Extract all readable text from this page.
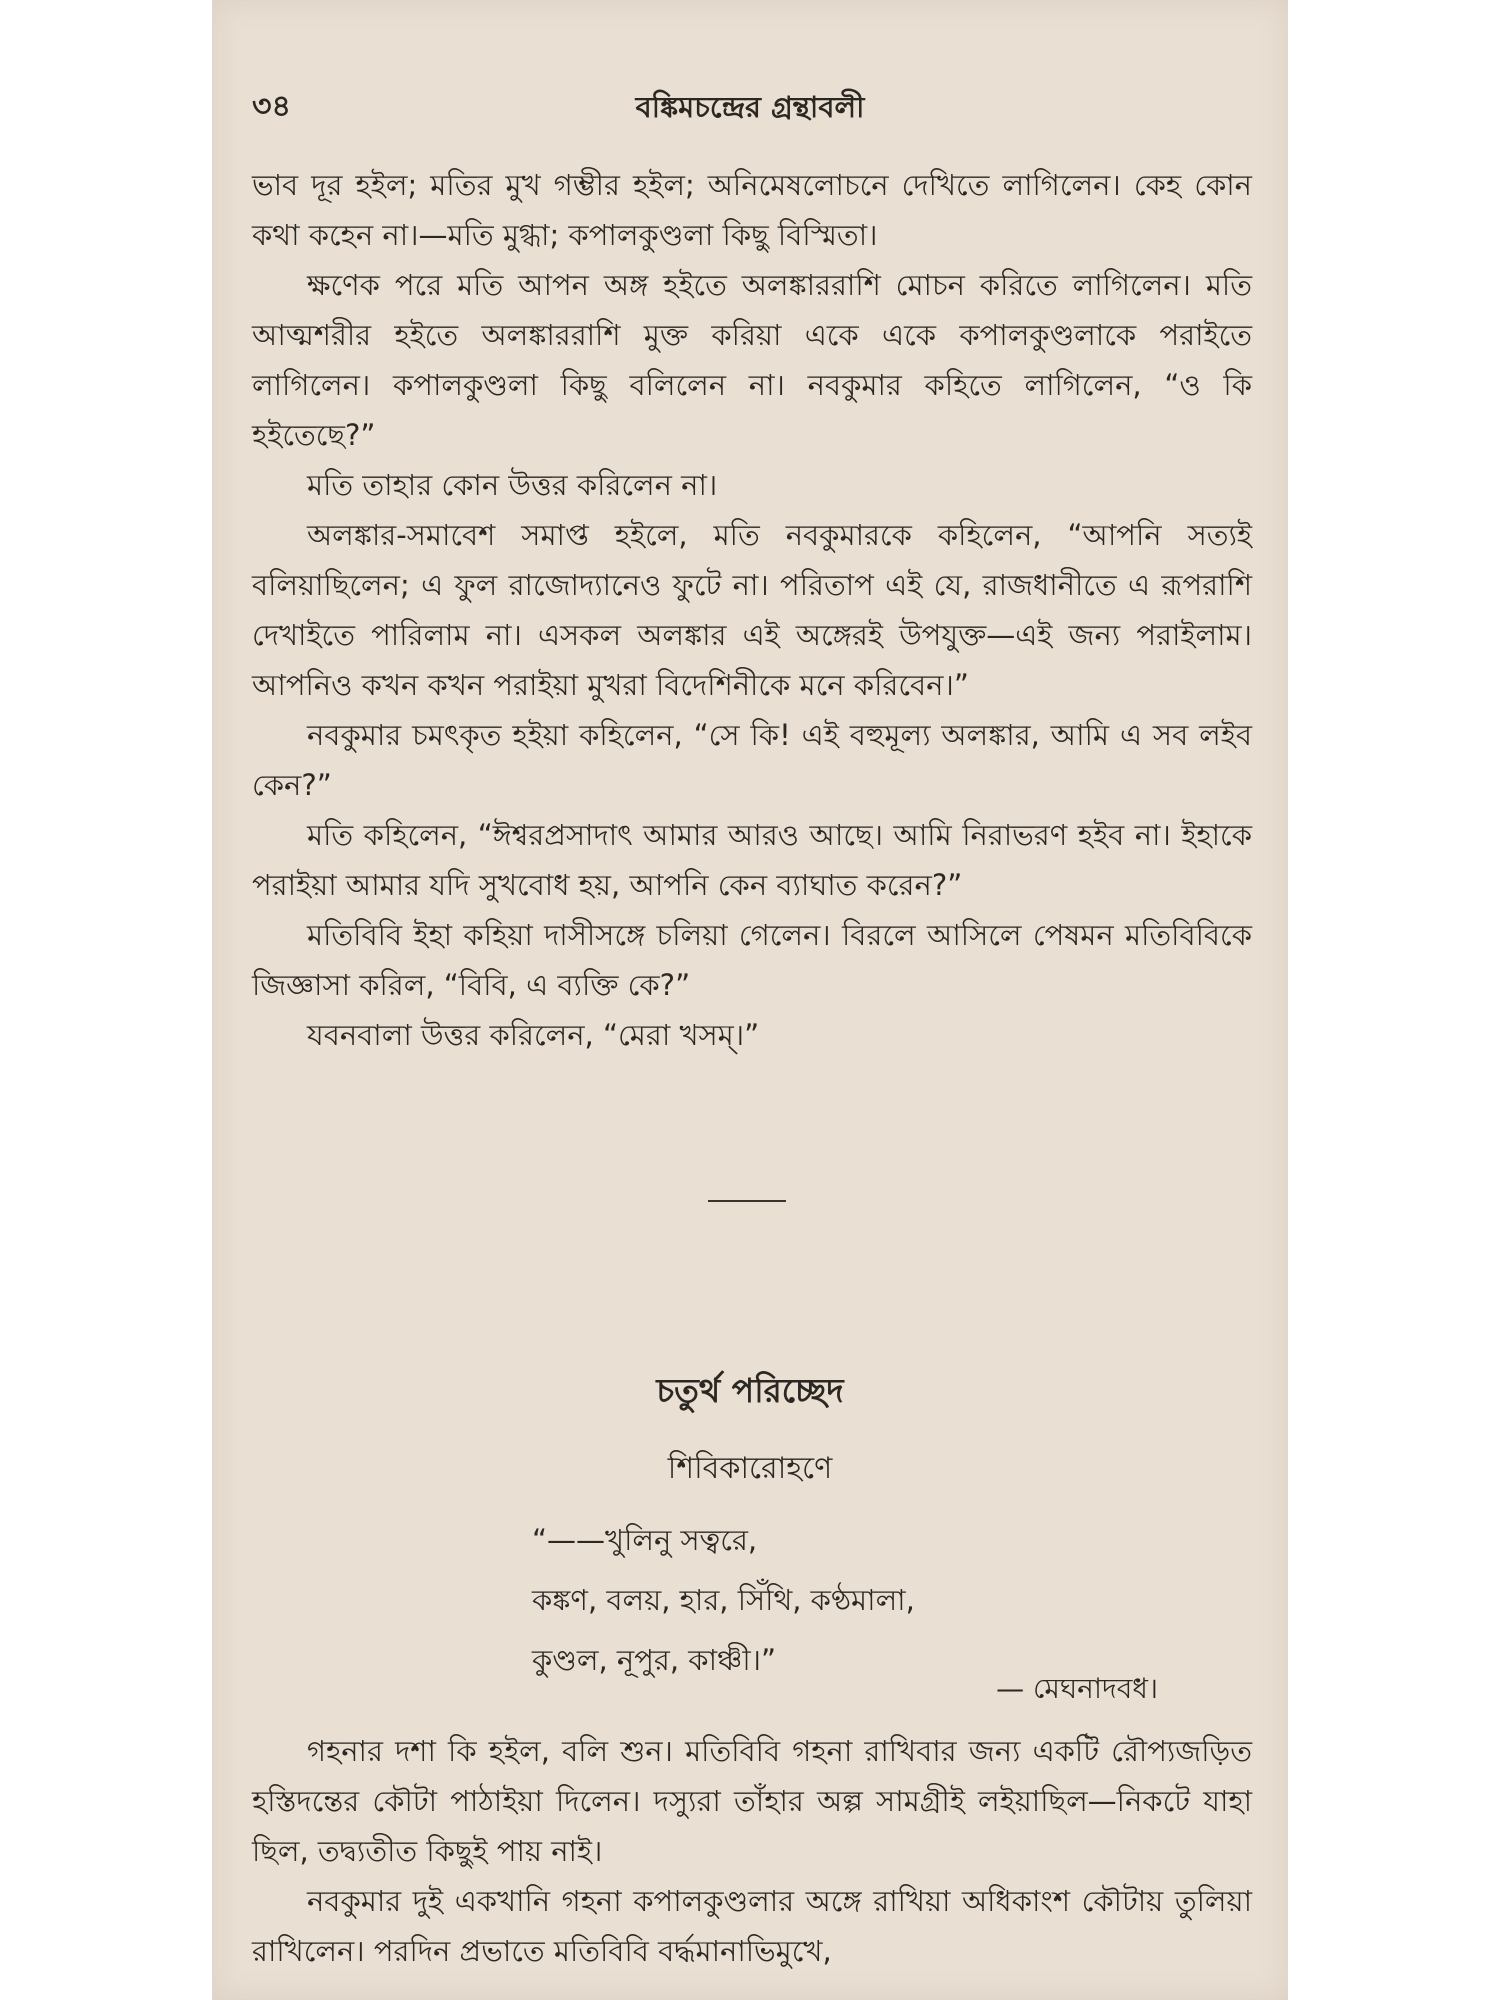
৩৪	বঙ্কিমচন্দ্রের গ্রন্থাবলী

ভাব দূর হইল; মতির মুখ গম্ভীর হইল; অনিমেষলোচনে দেখিতে লাগিলেন। কেহ কোন কথা কহেন না।—মতি মুগ্ধা; কপালকুণ্ডলা কিছু বিস্মিতা।

ক্ষণেক পরে মতি আপন অঙ্গ হইতে অলঙ্কাররাশি মোচন করিতে লাগিলেন। মতি আত্মশরীর হইতে অলঙ্কাররাশি মুক্ত করিয়া একে একে কপালকুণ্ডলাকে পরাইতে লাগিলেন। কপালকুণ্ডলা কিছু বলিলেন না। নবকুমার কহিতে লাগিলেন, “ও কি হইতেছে?”

মতি তাহার কোন উত্তর করিলেন না।

অলঙ্কার-সমাবেশ সমাপ্ত হইলে, মতি নবকুমারকে কহিলেন, “আপনি সত্যই বলিয়াছিলেন; এ ফুল রাজোদ্যানেও ফুটে না। পরিতাপ এই যে, রাজধানীতে এ রূপরাশি দেখাইতে পারিলাম না। এসকল অলঙ্কার এই অঙ্গেরই উপযুক্ত—এই জন্য পরাইলাম। আপনিও কখন কখন পরাইয়া মুখরা বিদেশিনীকে মনে করিবেন।”

নবকুমার চমৎকৃত হইয়া কহিলেন, “সে কি! এই বহুমূল্য অলঙ্কার, আমি এ সব লইব কেন?”

মতি কহিলেন, “ঈশ্বরপ্রসাদাৎ আমার আরও আছে। আমি নিরাভরণ হইব না। ইহাকে পরাইয়া আমার যদি সুখবোধ হয়, আপনি কেন ব্যাঘাত করেন?”

মতিবিবি ইহা কহিয়া দাসীসঙ্গে চলিয়া গেলেন। বিরলে আসিলে পেষমন মতিবিবিকে জিজ্ঞাসা করিল, “বিবি, এ ব্যক্তি কে?”

যবনবালা উত্তর করিলেন, “মেরা খসম্।”

চতুর্থ পরিচ্ছেদ
শিবিকারোহণে
“——খুলিনু সত্বরে,
কঙ্কণ, বলয়, হার, সিঁথি, কণ্ঠমালা,
কুণ্ডল, নূপুর, কাঞ্চী।”
— মেঘনাদবধ।

গহনার দশা কি হইল, বলি শুন। মতিবিবি গহনা রাখিবার জন্য একটি রৌপ্যজড়িত হস্তিদন্তের কৌটা পাঠাইয়া দিলেন। দস্যুরা তাঁহার অল্প সামগ্রীই লইয়াছিল—নিকটে যাহা ছিল, তদ্ব্যতীত কিছুই পায় নাই।

নবকুমার দুই একখানি গহনা কপালকুণ্ডলার অঙ্গে রাখিয়া অধিকাংশ কৌটায় তুলিয়া রাখিলেন। পরদিন প্রভাতে মতিবিবি বর্দ্ধমানাভিমুখে,
